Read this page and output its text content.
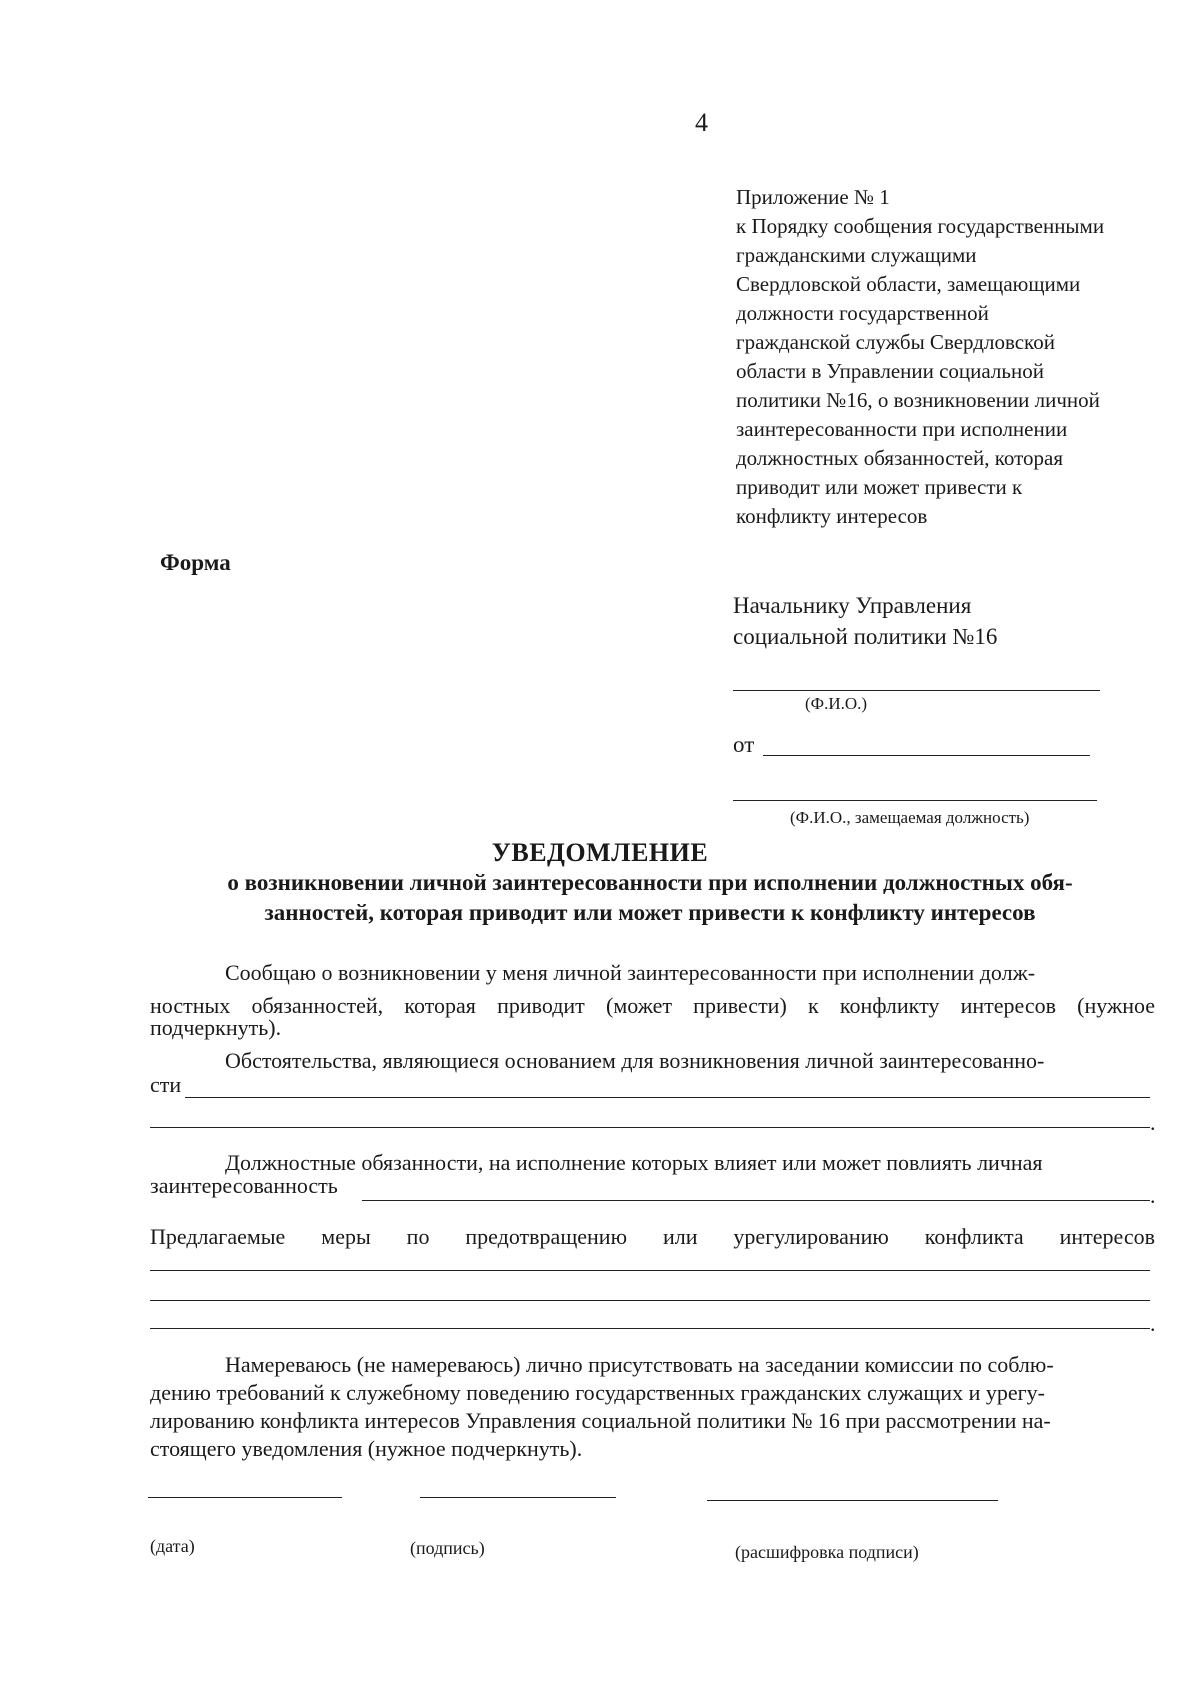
4
Приложение № 1
к Порядку сообщения государственными
гражданскими служащими
Свердловской области, замещающими
должности государственной
гражданской службы Свердловской
области в Управлении социальной
политики №16, о возникновении личной
заинтересованности при исполнении
должностных обязанностей, которая
приводит или может привести к
конфликту интересов
Форма
Начальнику Управления
социальной политики №16
(Ф.И.О.)
от
(Ф.И.О., замещаемая должность)
УВЕДОМЛЕНИЕ
о возникновении личной заинтересованности при исполнении должностных обя-
занностей, которая приводит или может привести к конфликту интересов
Сообщаю о возникновении у меня личной заинтересованности при исполнении долж-
ностных обязанностей, которая приводит (может привести) к конфликту интересов (нужное
подчеркнуть).
Обстоятельства, являющиеся основанием для возникновения личной заинтересованно-
сти
.
Должностные обязанности, на исполнение которых влияет или может повлиять личная
заинтересованность	.
Предлагаемые меры по предотвращению или урегулированию конфликта интересов
.
Намереваюсь (не намереваюсь) лично присутствовать на заседании комиссии по соблю-
дению требований к служебному поведению государственных гражданских служащих и урегу-
лированию конфликта интересов Управления социальной политики № 16 при рассмотрении на-
стоящего уведомления (нужное подчеркнуть).
(дата)	(подпись)	(расшифровка подписи)
